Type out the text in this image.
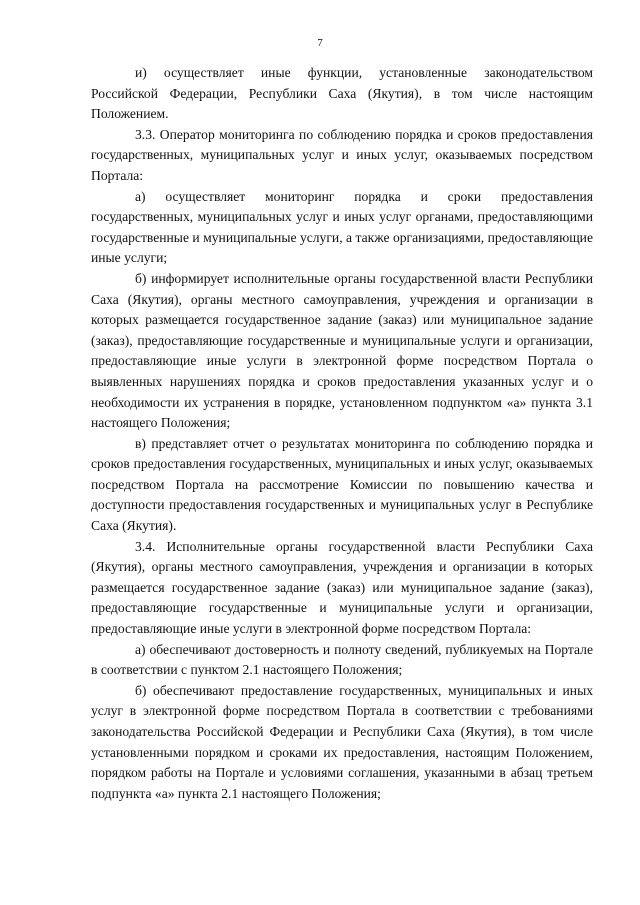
7

и) осуществляет иные функции, установленные законодательством Российской Федерации, Республики Саха (Якутия), в том числе настоящим Положением.

3.3. Оператор мониторинга по соблюдению порядка и сроков предоставления государственных, муниципальных услуг и иных услуг, оказываемых посредством Портала:

а) осуществляет мониторинг порядка и сроки предоставления государственных, муниципальных услуг и иных услуг органами, предоставляющими государственные и муниципальные услуги, а также организациями, предоставляющие иные услуги;

б) информирует исполнительные органы государственной власти Республики Саха (Якутия), органы местного самоуправления, учреждения и организации в которых размещается государственное задание (заказ) или муниципальное задание (заказ), предоставляющие государственные и муниципальные услуги и организации, предоставляющие иные услуги в электронной форме посредством Портала о выявленных нарушениях порядка и сроков предоставления указанных услуг и о необходимости их устранения в порядке, установленном подпунктом «а» пункта 3.1 настоящего Положения;

в) представляет отчет о результатах мониторинга по соблюдению порядка и сроков предоставления государственных, муниципальных и иных услуг, оказываемых посредством Портала на рассмотрение Комиссии по повышению качества и доступности предоставления государственных и муниципальных услуг в Республике Саха (Якутия).

3.4. Исполнительные органы государственной власти Республики Саха (Якутия), органы местного самоуправления, учреждения и организации в которых размещается государственное задание (заказ) или муниципальное задание (заказ), предоставляющие государственные и муниципальные услуги и организации, предоставляющие иные услуги в электронной форме посредством Портала:

а) обеспечивают достоверность и полноту сведений, публикуемых на Портале в соответствии с пунктом 2.1 настоящего Положения;

б) обеспечивают предоставление государственных, муниципальных и иных услуг в электронной форме посредством Портала в соответствии с требованиями законодательства Российской Федерации и Республики Саха (Якутия), в том числе установленными порядком и сроками их предоставления, настоящим Положением, порядком работы на Портале и условиями соглашения, указанными в абзац третьем подпункта «а» пункта 2.1 настоящего Положения;
